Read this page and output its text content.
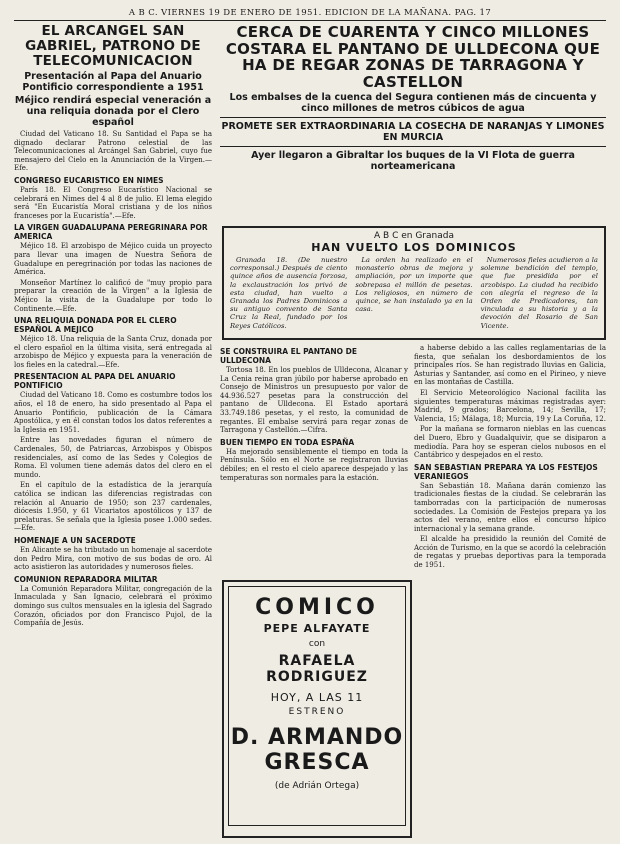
A B C. VIERNES 19 DE ENERO DE 1951. EDICION DE LA MAÑANA. PAG. 17
EL ARCANGEL SAN GABRIEL, PATRONO DE TELECOMUNICACION
Presentación al Papa del Anuario Pontificio correspondiente a 1951
Méjico rendirá especial veneración a una reliquia donada por el Clero español

Ciudad del Vaticano 18. Su Santidad el Papa se ha dignado declarar Patrono celestial de las Telecomunicaciones al Arcángel San Gabriel, cuyo fue mensajero del Cielo en la Anunciación de la Virgen.—Efe.

CONGRESO EUCARISTICO EN NIMES

París 18. El Congreso Eucarístico Nacional se celebrará en Nimes del 4 al 8 de julio. El lema elegido será "En Eucaristía Moral cristiana y de los niños franceses por la Eucaristía".—Efe.

LA VIRGEN GUADALUPANA PEREGRINARA POR AMERICA

Méjico 18. El arzobispo de Méjico cuida un proyecto para llevar una imagen de Nuestra Señora de Guadalupe en peregrinación por todas las naciones de América.

Monseñor Martínez lo calificó de "muy propio para preparar la creación de la Virgen" a la Iglesia de Méjico la visita de la Guadalupe por todo lo Continente.—Efe.

UNA RELIQUIA DONADA POR EL CLERO ESPAÑOL A MEJICO

Méjico 18. Una reliquia de la Santa Cruz, donada por el clero español en la última visita, será entregada al arzobispo de Méjico y expuesta para la veneración de los fieles en la catedral.—Efe.

PRESENTACION AL PAPA DEL ANUARIO PONTIFICIO

Ciudad del Vaticano 18. Como es costumbre todos los años, el 18 de enero, ha sido presentado al Papa el Anuario Pontificio, publicación de la Cámara Apostólica, y en él constan todos los datos referentes a la Iglesia en 1951.

Entre las novedades figuran el número de Cardenales, 50, de Patriarcas, Arzobispos y Obispos residenciales, así como de las Sedes y Colegios de Roma. El volumen tiene además datos del clero en el mundo.

En el capítulo de la estadística de la jerarquía católica se indican las diferencias registradas con relación al Anuario de 1950; son 237 cardenales, diócesis 1.950, y 61 Vicariatos apostólicos y 137 de prelaturas. Se señala que la Iglesia posee 1.000 sedes.—Efe.

HOMENAJE A UN SACERDOTE

En Alicante se ha tributado un homenaje al sacerdote don Pedro Mira, con motivo de sus bodas de oro. Al acto asistieron las autoridades y numerosos fieles.

COMUNION REPARADORA MILITAR

La Comunión Reparadora Militar, congregación de la Inmaculada y San Ignacio, celebrará el próximo domingo sus cultos mensuales en la iglesia del Sagrado Corazón, oficiados por don Francisco Pujol, de la Compañía de Jesús.

CERCA DE CUARENTA Y CINCO MILLONES COSTARA EL PANTANO DE ULLDECONA QUE HA DE REGAR ZONAS DE TARRAGONA Y CASTELLON
Los embalses de la cuenca del Segura contienen más de cincuenta y cinco millones de metros cúbicos de agua
PROMETE SER EXTRAORDINARIA LA COSECHA DE NARANJAS Y LIMONES EN MURCIA
Ayer llegaron a Gibraltar los buques de la VI Flota de guerra norteamericana
A B C en Granada
HAN VUELTO LOS DOMINICOS

Granada 18. (De nuestro corresponsal.) Después de ciento quince años de ausencia forzosa, la exclaustración los privó de esta ciudad, han vuelto a Granada los Padres Dominicos a su antiguo convento de Santa Cruz la Real, fundado por los Reyes Católicos.

La orden ha realizado en el monasterio obras de mejora y ampliación, por un importe que sobrepasa el millón de pesetas. Los religiosos, en número de quince, se han instalado ya en la casa.

Numerosos fieles acudieron a la solemne bendición del templo, que fue presidida por el arzobispo. La ciudad ha recibido con alegría el regreso de la Orden de Predicadores, tan vinculada a su historia y a la devoción del Rosario de San Vicente.

SE CONSTRUIRA EL PANTANO DE ULLDECONA

Tortosa 18. En los pueblos de Ulldecona, Alcanar y La Cenia reina gran júbilo por haberse aprobado en Consejo de Ministros un presupuesto por valor de 44.936.527 pesetas para la construcción del pantano de Ulldecona. El Estado aportará 33.749.186 pesetas, y el resto, la comunidad de regantes. El embalse servirá para regar zonas de Tarragona y Castellón.—Cifra.

BUEN TIEMPO EN TODA ESPAÑA

Ha mejorado sensiblemente el tiempo en toda la Península. Sólo en el Norte se registraron lluvias débiles; en el resto el cielo aparece despejado y las temperaturas son normales para la estación.

a haberse debido a las calles reglamentarias de la fiesta, que señalan los desbordamientos de los principales ríos. Se han registrado lluvias en Galicia, Asturias y Santander, así como en el Pirineo, y nieve en las montañas de Castilla.

El Servicio Meteorológico Nacional facilita las siguientes temperaturas máximas registradas ayer: Madrid, 9 grados; Barcelona, 14; Sevilla, 17; Valencia, 15; Málaga, 18; Murcia, 19 y La Coruña, 12.

Por la mañana se formaron nieblas en las cuencas del Duero, Ebro y Guadalquivir, que se disiparon a mediodía. Para hoy se esperan cielos nubosos en el Cantábrico y despejados en el resto.

SAN SEBASTIAN PREPARA YA LOS FESTEJOS VERANIEGOS

San Sebastián 18. Mañana darán comienzo las tradicionales fiestas de la ciudad. Se celebrarán las tamborradas con la participación de numerosas sociedades. La Comisión de Festejos prepara ya los actos del verano, entre ellos el concurso hípico internacional y la semana grande.

El alcalde ha presidido la reunión del Comité de Acción de Turismo, en la que se acordó la celebración de regatas y pruebas deportivas para la temporada de 1951.

COMICO
PEPE ALFAYATE
con
RAFAELA RODRIGUEZ
HOY, A LAS 11
ESTRENO
D. ARMANDO GRESCA
(de Adrián Ortega)
